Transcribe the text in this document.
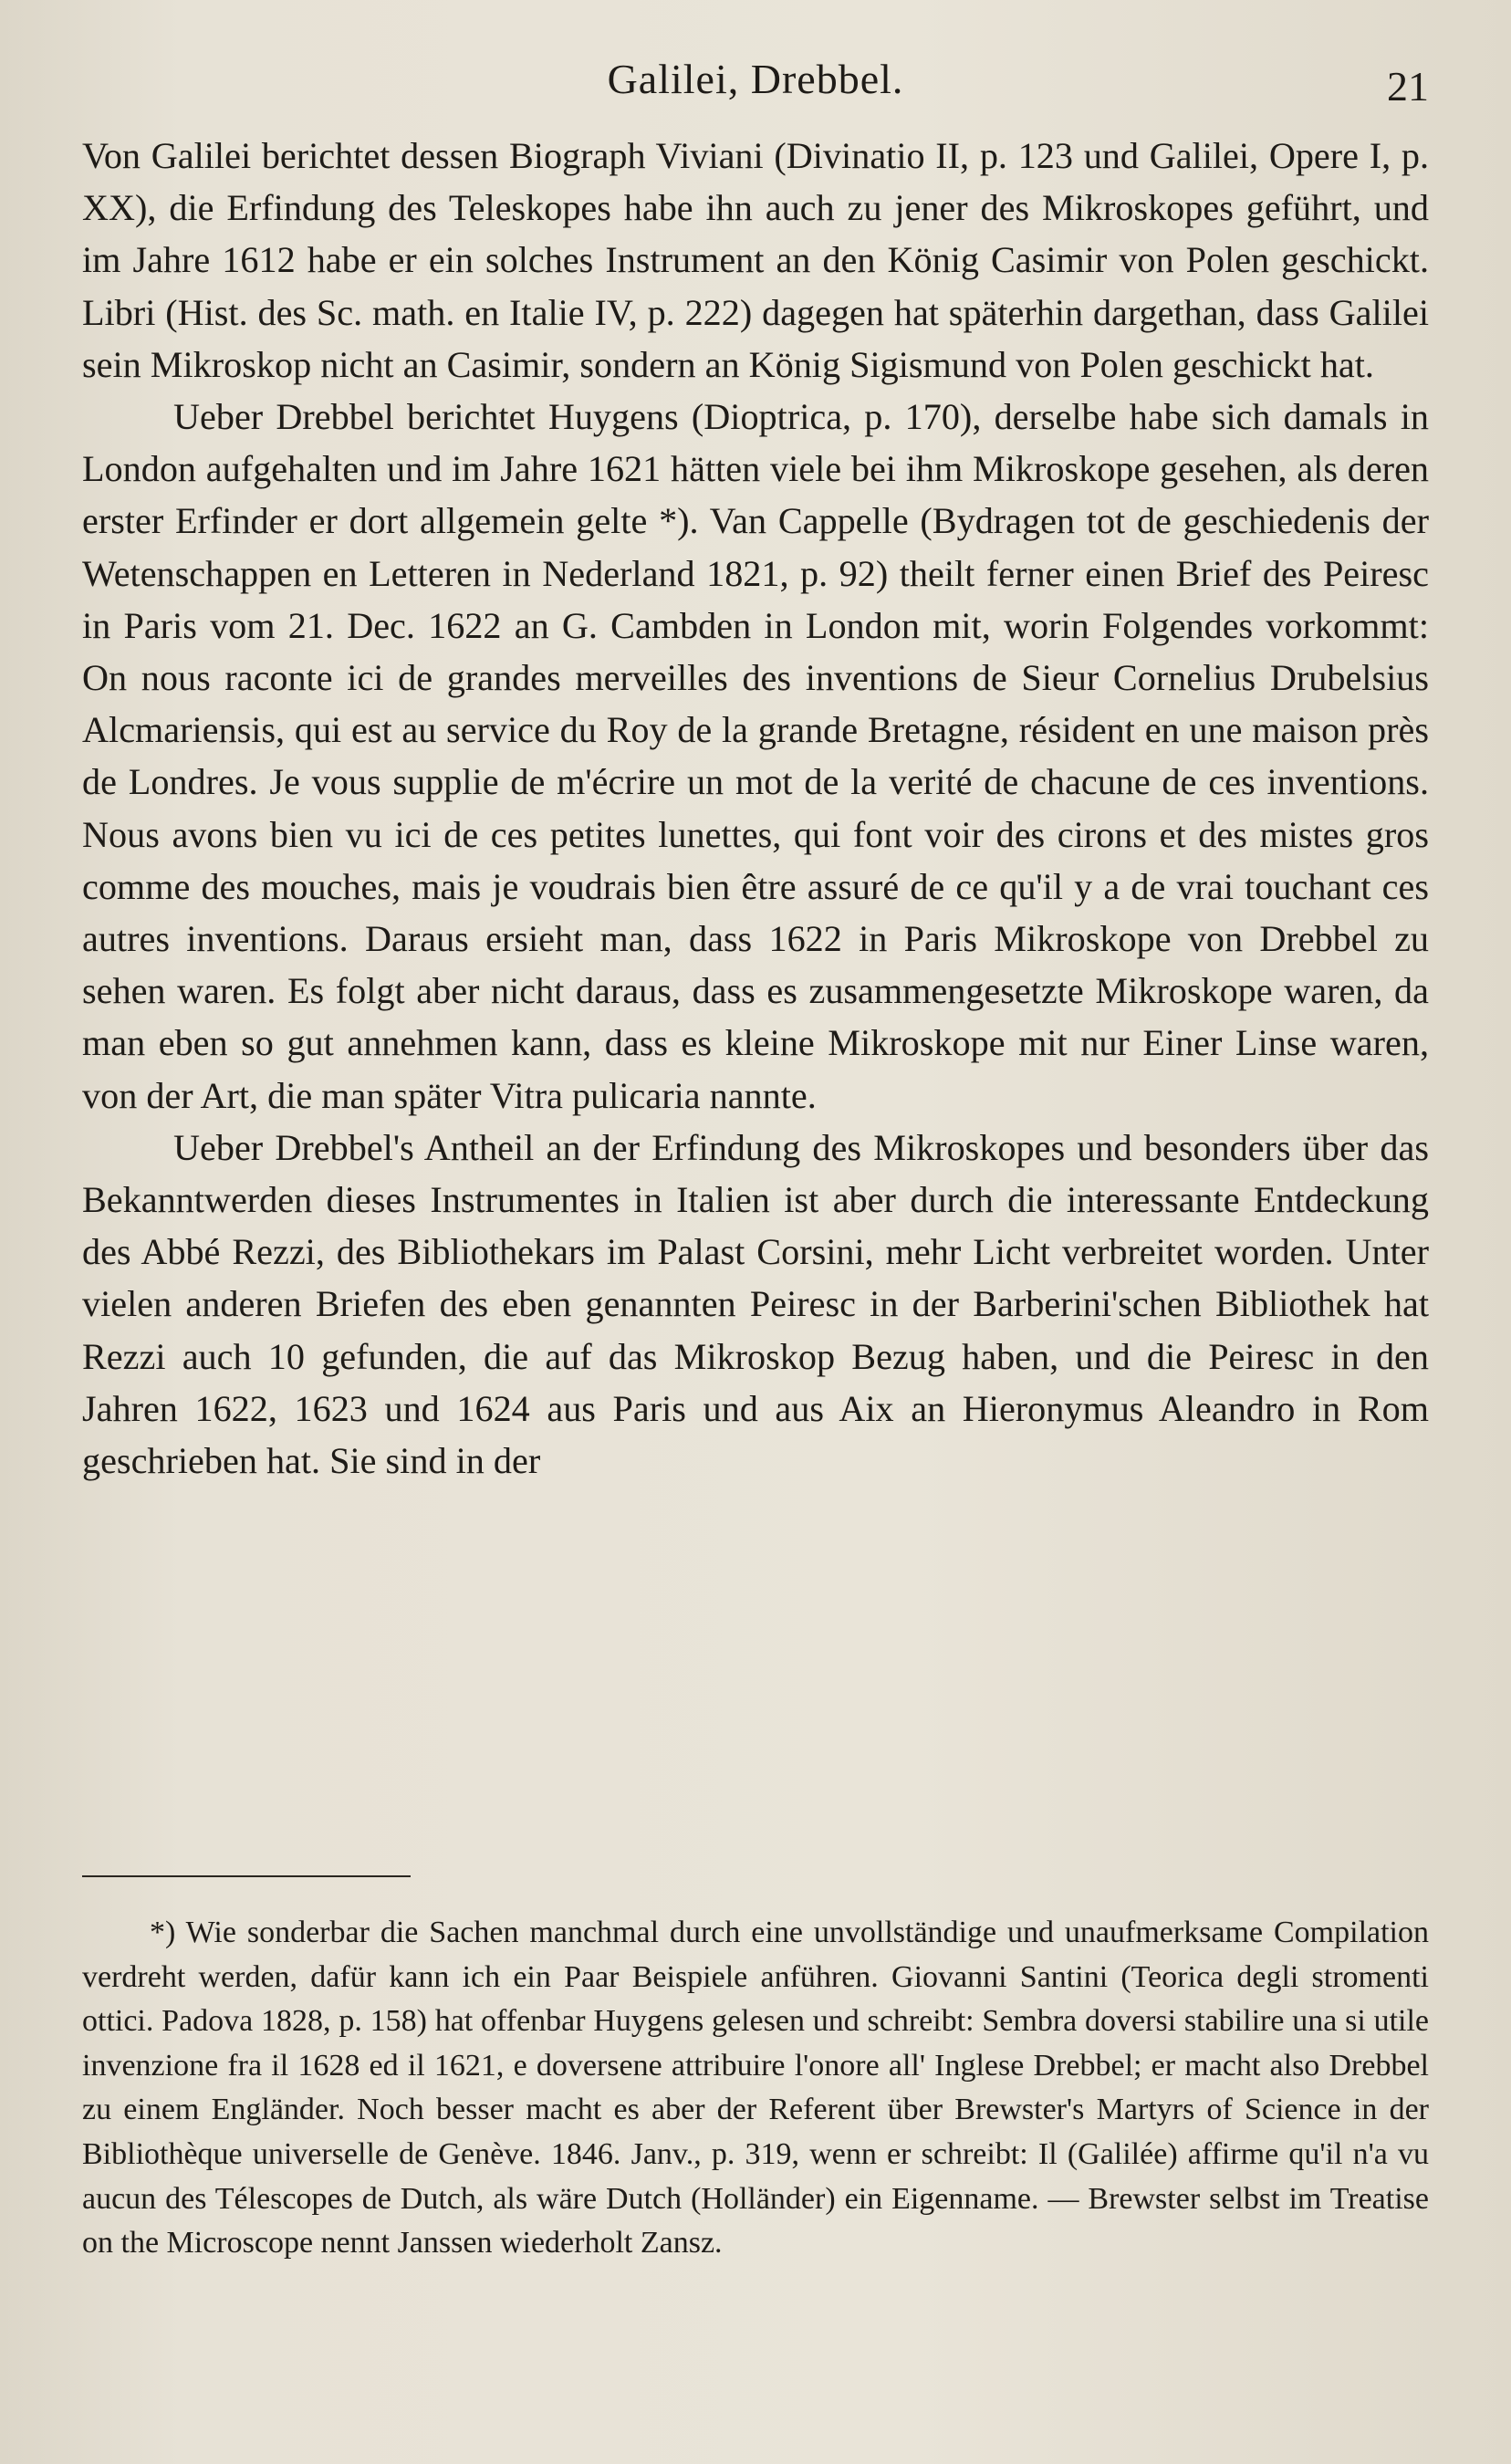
Galilei, Drebbel.	21

Von Galilei berichtet dessen Biograph Viviani (Divinatio II, p. 123 und Galilei, Opere I, p. XX), die Erfindung des Teleskopes habe ihn auch zu jener des Mikroskopes geführt, und im Jahre 1612 habe er ein solches Instrument an den König Casimir von Polen geschickt. Libri (Hist. des Sc. math. en Italie IV, p. 222) dagegen hat späterhin dargethan, dass Galilei sein Mikroskop nicht an Casimir, sondern an König Sigismund von Polen geschickt hat.

Ueber Drebbel berichtet Huygens (Dioptrica, p. 170), derselbe habe sich damals in London aufgehalten und im Jahre 1621 hätten viele bei ihm Mikroskope gesehen, als deren erster Erfinder er dort allgemein gelte *). Van Cappelle (Bydragen tot de geschiedenis der Wetenschappen en Letteren in Nederland 1821, p. 92) theilt ferner einen Brief des Peiresc in Paris vom 21. Dec. 1622 an G. Cambden in London mit, worin Folgendes vorkommt: On nous raconte ici de grandes merveilles des inventions de Sieur Cornelius Drubelsius Alcmariensis, qui est au service du Roy de la grande Bretagne, résident en une maison près de Londres. Je vous supplie de m'écrire un mot de la verité de chacune de ces inventions. Nous avons bien vu ici de ces petites lunettes, qui font voir des cirons et des mistes gros comme des mouches, mais je voudrais bien être assuré de ce qu'il y a de vrai touchant ces autres inventions. Daraus ersieht man, dass 1622 in Paris Mikroskope von Drebbel zu sehen waren. Es folgt aber nicht daraus, dass es zusammengesetzte Mikroskope waren, da man eben so gut annehmen kann, dass es kleine Mikroskope mit nur Einer Linse waren, von der Art, die man später Vitra pulicaria nannte.

Ueber Drebbel's Antheil an der Erfindung des Mikroskopes und besonders über das Bekanntwerden dieses Instrumentes in Italien ist aber durch die interessante Entdeckung des Abbé Rezzi, des Bibliothekars im Palast Corsini, mehr Licht verbreitet worden. Unter vielen anderen Briefen des eben genannten Peiresc in der Barberini'schen Bibliothek hat Rezzi auch 10 gefunden, die auf das Mikroskop Bezug haben, und die Peiresc in den Jahren 1622, 1623 und 1624 aus Paris und aus Aix an Hieronymus Aleandro in Rom geschrieben hat. Sie sind in der

*) Wie sonderbar die Sachen manchmal durch eine unvollständige und unaufmerksame Compilation verdreht werden, dafür kann ich ein Paar Beispiele anführen. Giovanni Santini (Teorica degli stromenti ottici. Padova 1828, p. 158) hat offenbar Huygens gelesen und schreibt: Sembra doversi stabilire una si utile invenzione fra il 1628 ed il 1621, e doversene attribuire l'onore all' Inglese Drebbel; er macht also Drebbel zu einem Engländer. Noch besser macht es aber der Referent über Brewster's Martyrs of Science in der Bibliothèque universelle de Genève. 1846. Janv., p. 319, wenn er schreibt: Il (Galilée) affirme qu'il n'a vu aucun des Télescopes de Dutch, als wäre Dutch (Holländer) ein Eigenname. — Brewster selbst im Treatise on the Microscope nennt Janssen wiederholt Zansz.
